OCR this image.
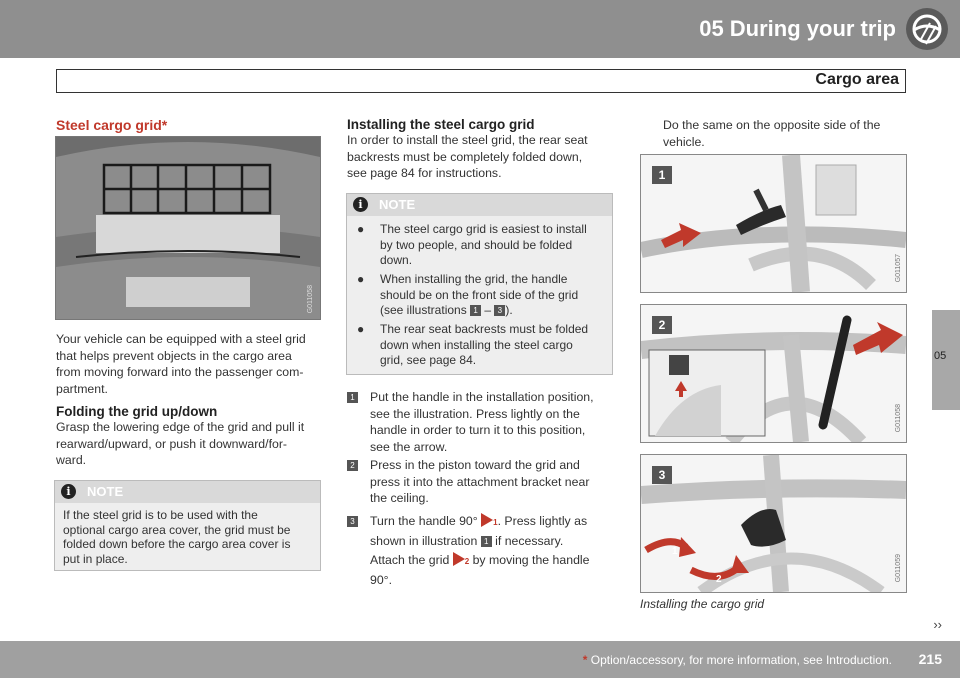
05 During your trip
Cargo area
05
Steel cargo grid*
G011058
Your vehicle can be equipped with a steel grid
that helps prevent objects in the cargo area
from moving forward into the passenger com-
partment.
Folding the grid up/down
Grasp the lowering edge of the grid and pull it
rearward/upward, or push it downward/for-
ward.
i	NOTE
If the steel grid is to be used with the
optional cargo area cover, the grid must be
folded down before the cargo area cover is
put in place.
Installing the steel cargo grid
In order to install the steel grid, the rear seat
backrests must be completely folded down,
see page 84 for instructions.
i	NOTE
● The steel cargo grid is easiest to install
by two people, and should be folded
down.
● When installing the grid, the handle
should be on the front side of the grid
(see illustrations 1 – 3 ).
● The rear seat backrests must be folded
down when installing the steel cargo
grid, see page 84.
1 Put the handle in the installation position,
see the illustration. Press lightly on the
handle in order to turn it to this position,
see the arrow.
2 Press in the piston toward the grid and
press it into the attachment bracket near
the ceiling.
3 Turn the handle 90° 1. Press lightly as
shown in illustration 1 if necessary.
Attach the grid 2 by moving the handle
90°.
Do the same on the opposite side of the
vehicle.
1
G011057
2
G011058
1
2
3
G011059
Installing the cargo grid
››
* Option/accessory, for more information, see Introduction. 215
